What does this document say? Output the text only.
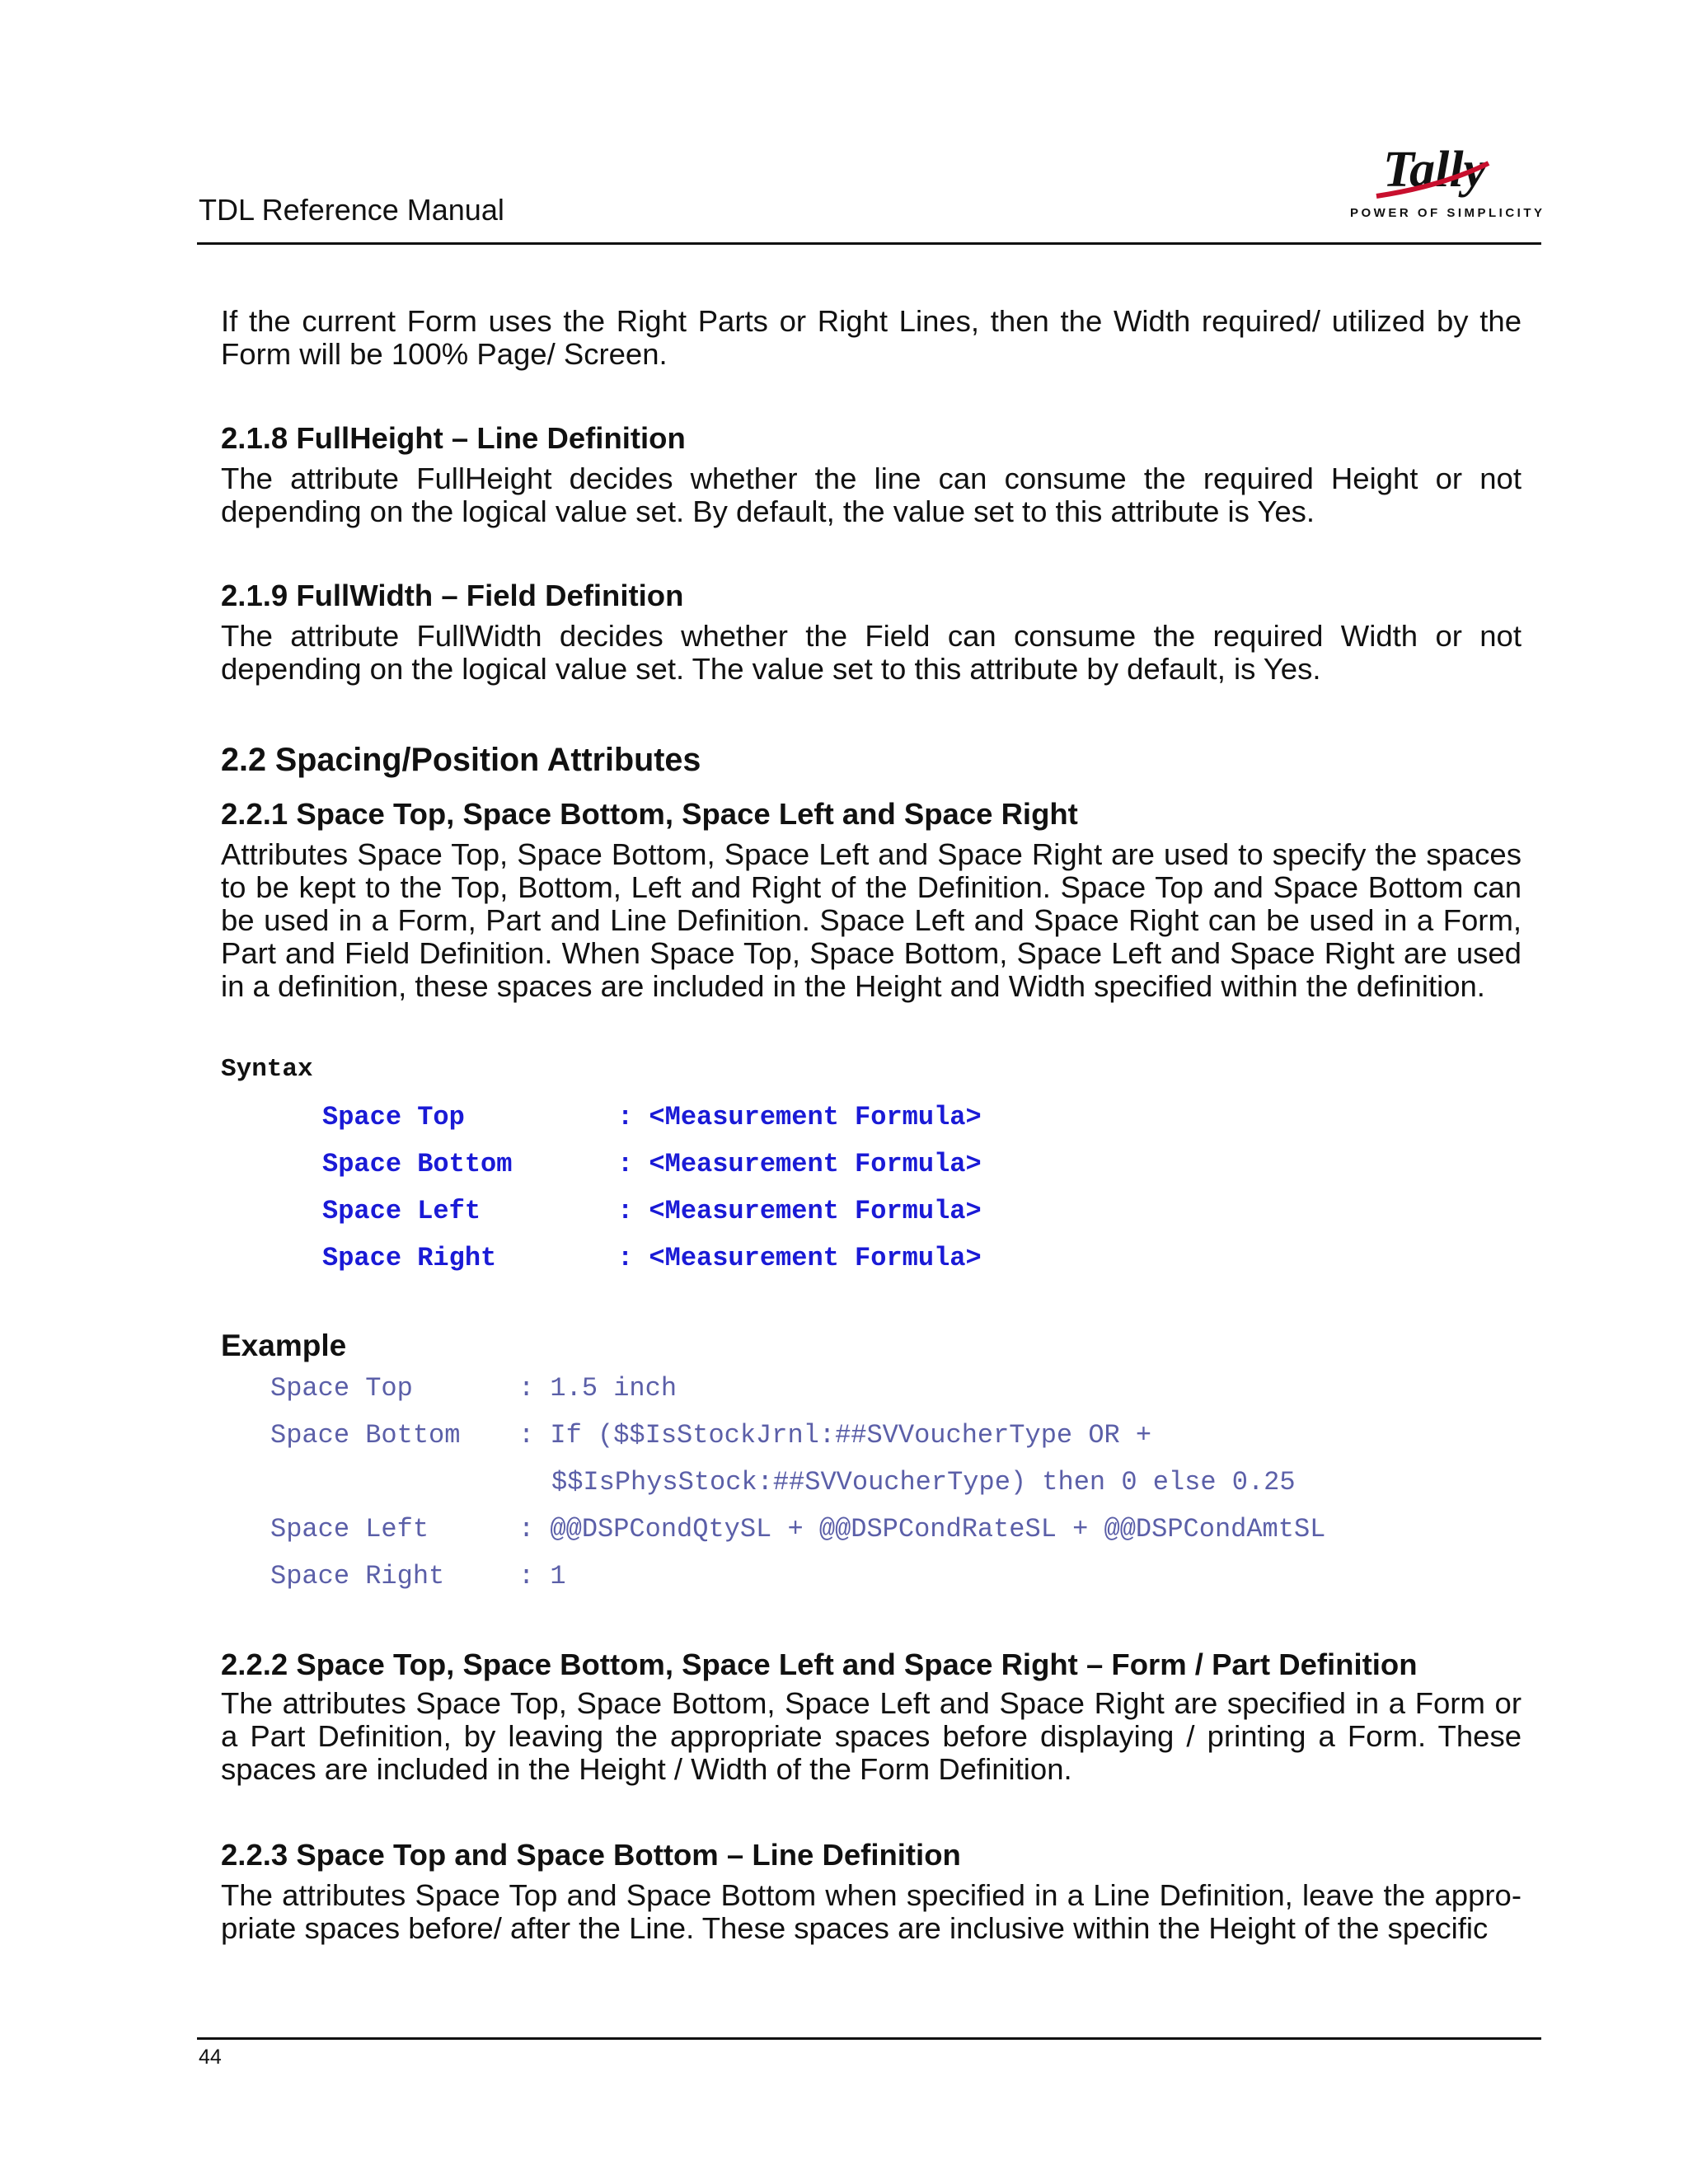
TDL Reference Manual
Tally
POWER OF SIMPLICITY
If the current Form uses the Right Parts or Right Lines, then the Width required/ utilized by the Form will be 100% Page/ Screen.
2.1.8 FullHeight – Line Definition
The attribute FullHeight decides whether the line can consume the required Height or not depending on the logical value set. By default, the value set to this attribute is Yes.
2.1.9 FullWidth – Field Definition
The attribute FullWidth decides whether the Field can consume the required Width or not depending on the logical value set. The value set to this attribute by default, is Yes.
2.2 Spacing/Position Attributes
2.2.1 Space Top, Space Bottom, Space Left and Space Right
Attributes Space Top, Space Bottom, Space Left and Space Right are used to specify the spaces to be kept to the Top, Bottom, Left and Right of the Definition. Space Top and Space Bottom can be used in a Form, Part and Line Definition. Space Left and Space Right can be used in a Form, Part and Field Definition. When Space Top, Space Bottom, Space Left and Space Right are used in a definition, these spaces are included in the Height and Width specified within the definition.
Syntax
Space Top	: <Measurement Formula>
Space Bottom	: <Measurement Formula>
Space Left	: <Measurement Formula>
Space Right	: <Measurement Formula>
Example
Space Top	: 1.5 inch
Space Bottom : If ($$IsStockJrnl:##SVVoucherType OR +
$$IsPhysStock:##SVVoucherType) then 0 else 0.25
Space Left	: @@DSPCondQtySL + @@DSPCondRateSL + @@DSPCondAmtSL
Space Right	: 1
2.2.2 Space Top, Space Bottom, Space Left and Space Right – Form / Part Definition
The attributes Space Top, Space Bottom, Space Left and Space Right are specified in a Form or a Part Definition, by leaving the appropriate spaces before displaying / printing a Form. These spaces are included in the Height / Width of the Form Definition.
2.2.3 Space Top and Space Bottom – Line Definition
The attributes Space Top and Space Bottom when specified in a Line Definition, leave the appro-priate spaces before/ after the Line. These spaces are inclusive within the Height of the specific
44
